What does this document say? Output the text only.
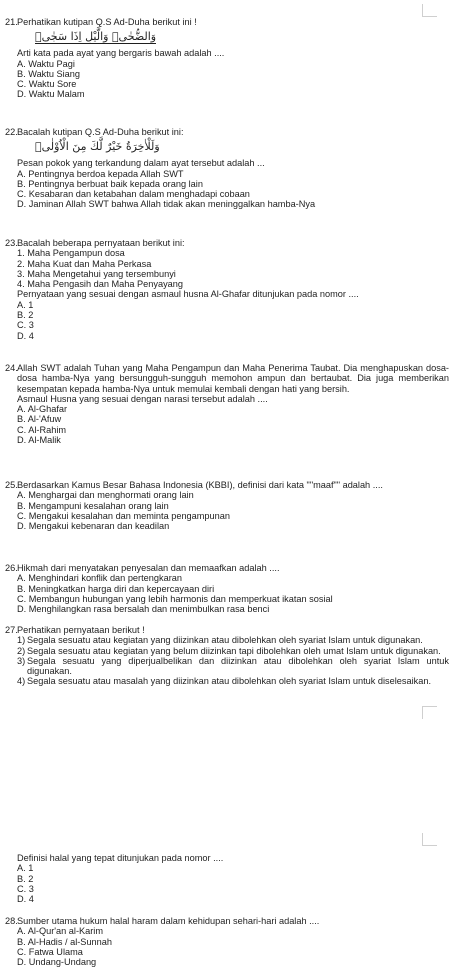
21. Perhatikan kutipan Q.S Ad-Duha berikut ini !
وَالضُّحٰىۙ وَالَّيْلِ اِذَا سَجٰىۙ
Arti kata pada ayat yang bergaris bawah adalah ....
A. Waktu Pagi
B. Waktu Siang
C. Waktu Sore
D. Waktu Malam
22. Bacalah kutipan Q.S Ad-Duha berikut ini:
وَلَلْاٰخِرَةُ خَيْرٌ لَّكَ مِنَ الْاُوْلٰىۗ
Pesan pokok yang terkandung dalam ayat tersebut adalah ...
A. Pentingnya berdoa kepada Allah SWT
B. Pentingnya berbuat baik kepada orang lain
C. Kesabaran dan ketabahan dalam menghadapi cobaan
D. Jaminan Allah SWT bahwa Allah tidak akan meninggalkan hamba-Nya
23. Bacalah beberapa pernyataan berikut ini:
1. Maha Pengampun dosa
2. Maha Kuat dan Maha Perkasa
3. Maha Mengetahui yang tersembunyi
4. Maha Pengasih dan Maha Penyayang
Pernyataan yang sesuai dengan asmaul husna Al-Ghafar ditunjukan pada nomor ....
A. 1
B. 2
C. 3
D. 4
24. Allah SWT adalah Tuhan yang Maha Pengampun dan Maha Penerima Taubat. Dia menghapuskan dosa-dosa hamba-Nya yang bersungguh-sungguh memohon ampun dan bertaubat. Dia juga memberikan kesempatan kepada hamba-Nya untuk memulai kembali dengan hati yang bersih.
Asmaul Husna yang sesuai dengan narasi tersebut adalah ....
A. Al-Ghafar
B. Al-'Afuw
C. Al-Rahim
D. Al-Malik
25. Berdasarkan Kamus Besar Bahasa Indonesia (KBBI), definisi dari kata ""maaf"" adalah ....
A. Menghargai dan menghormati orang lain
B. Mengampuni kesalahan orang lain
C. Mengakui kesalahan dan meminta pengampunan
D. Mengakui kebenaran dan keadilan
26. Hikmah dari menyatakan penyesalan dan memaafkan adalah ....
A. Menghindari konflik dan pertengkaran
B. Meningkatkan harga diri dan kepercayaan diri
C. Membangun hubungan yang lebih harmonis dan memperkuat ikatan sosial
D. Menghilangkan rasa bersalah dan menimbulkan rasa benci
27. Perhatikan pernyataan berikut !
1) Segala sesuatu atau kegiatan yang diizinkan atau dibolehkan oleh syariat Islam untuk digunakan.
2) Segala sesuatu atau kegiatan yang belum diizinkan tapi dibolehkan oleh umat Islam untuk digunakan.
3) Segala sesuatu yang diperjualbelikan dan diizinkan atau dibolehkan oleh syariat Islam untuk digunakan.
4) Segala sesuatu atau masalah yang diizinkan atau dibolehkan oleh syariat Islam untuk diselesaikan.
Definisi halal yang tepat ditunjukan pada nomor ....
A. 1
B. 2
C. 3
D. 4
28. Sumber utama hukum halal haram dalam kehidupan sehari-hari adalah ....
A. Al-Qur'an al-Karim
B. Al-Hadis / al-Sunnah
C. Fatwa Ulama
D. Undang-Undang
